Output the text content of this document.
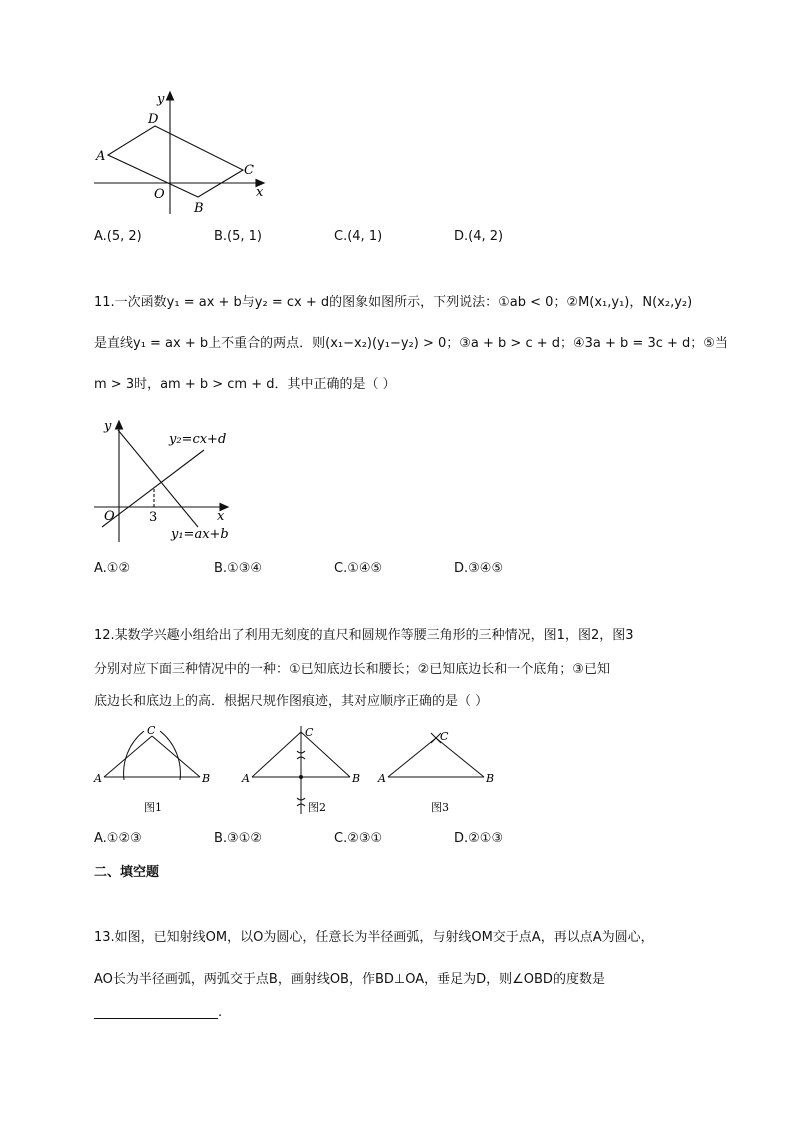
y
x
A
D
C
B
O
A.(5, 2)	B.(5, 1)	C.(4, 1)	D.(4, 2)
11.一次函数y₁ = ax + b与y₂ = cx + d的图象如图所示，下列说法：①ab < 0；②M(x₁,y₁)，N(x₂,y₂)
是直线y₁ = ax + b上不重合的两点．则(x₁−x₂)(y₁−y₂) > 0；③a + b > c + d；④3a + b = 3c + d；⑤当
m > 3时，am + b > cm + d．其中正确的是（ ）
y
x
O	3
y₂=cx+d
y₁=ax+b
A.①②	B.①③④	C.①④⑤	D.③④⑤
12.某数学兴趣小组给出了利用无刻度的直尺和圆规作等腰三角形的三种情况，图1，图2，图3
分别对应下面三种情况中的一种：①已知底边长和腰长；②已知底边长和一个底角；③已知
底边长和底边上的高．根据尺规作图痕迹，其对应顺序正确的是（ ）
A	B
C
图1
A	B
C
图2
A	B
C
图3
A.①②③	B.③①②	C.②③①	D.②①③
二、填空题
13.如图，已知射线OM，以O为圆心，任意长为半径画弧，与射线OM交于点A，再以点A为圆心，
AO长为半径画弧，两弧交于点B，画射线OB，作BD⊥OA，垂足为D，则∠OBD的度数是
.
